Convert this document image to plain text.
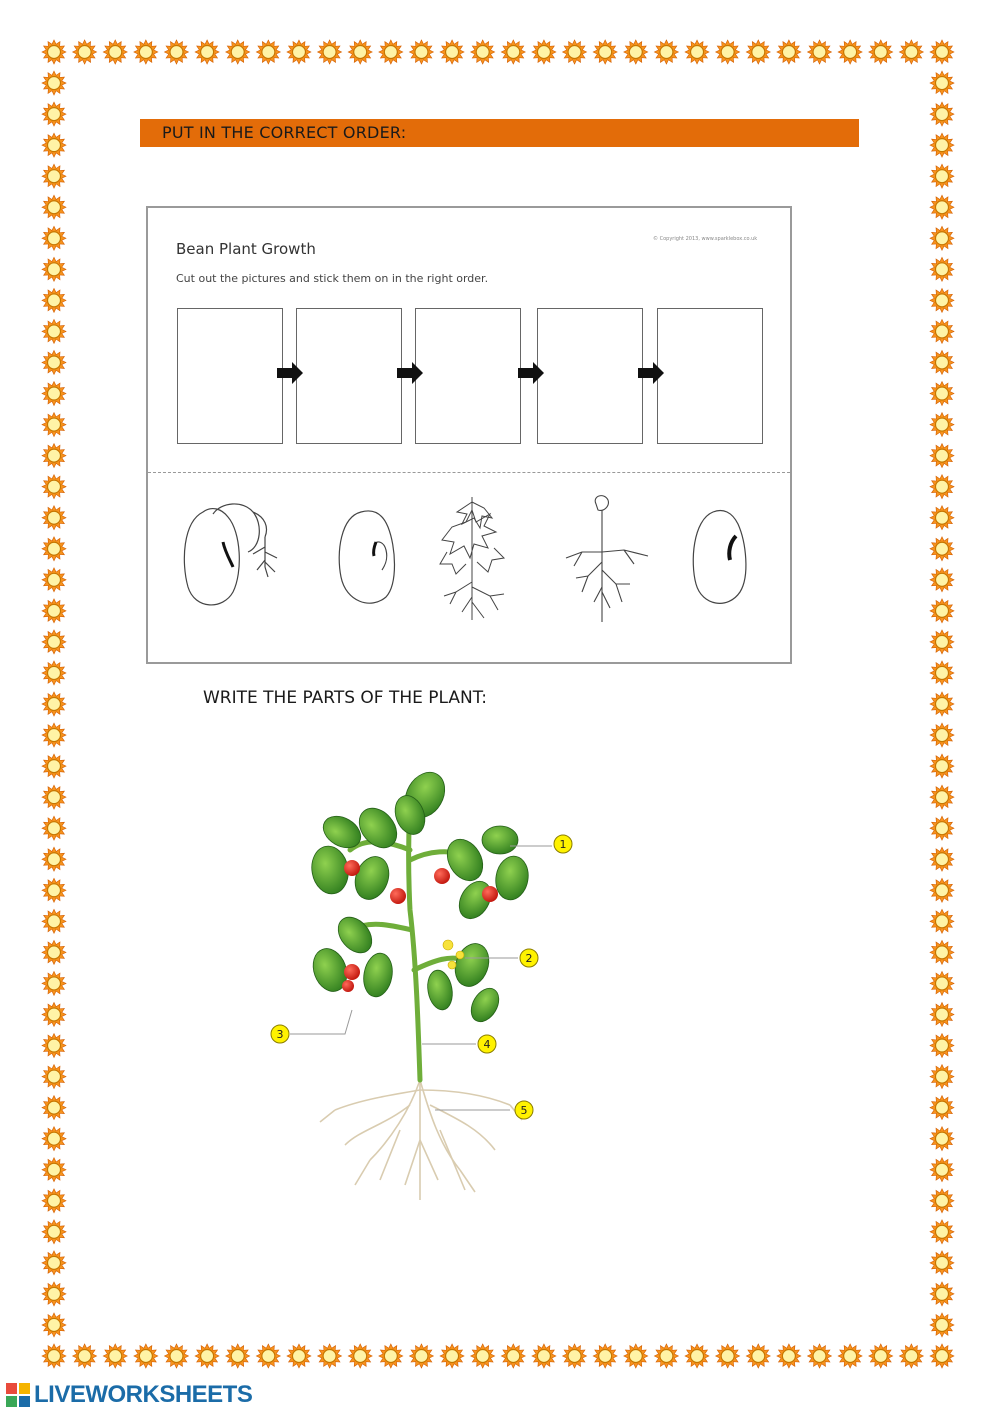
PUT IN THE CORRECT ORDER:
Bean Plant Growth
© Copyright 2013, www.sparklebox.co.uk
Cut out the pictures and stick them on in the right order.
WRITE THE PARTS OF THE PLANT:
1
2
3
4
5
LIVEWORKSHEETS
